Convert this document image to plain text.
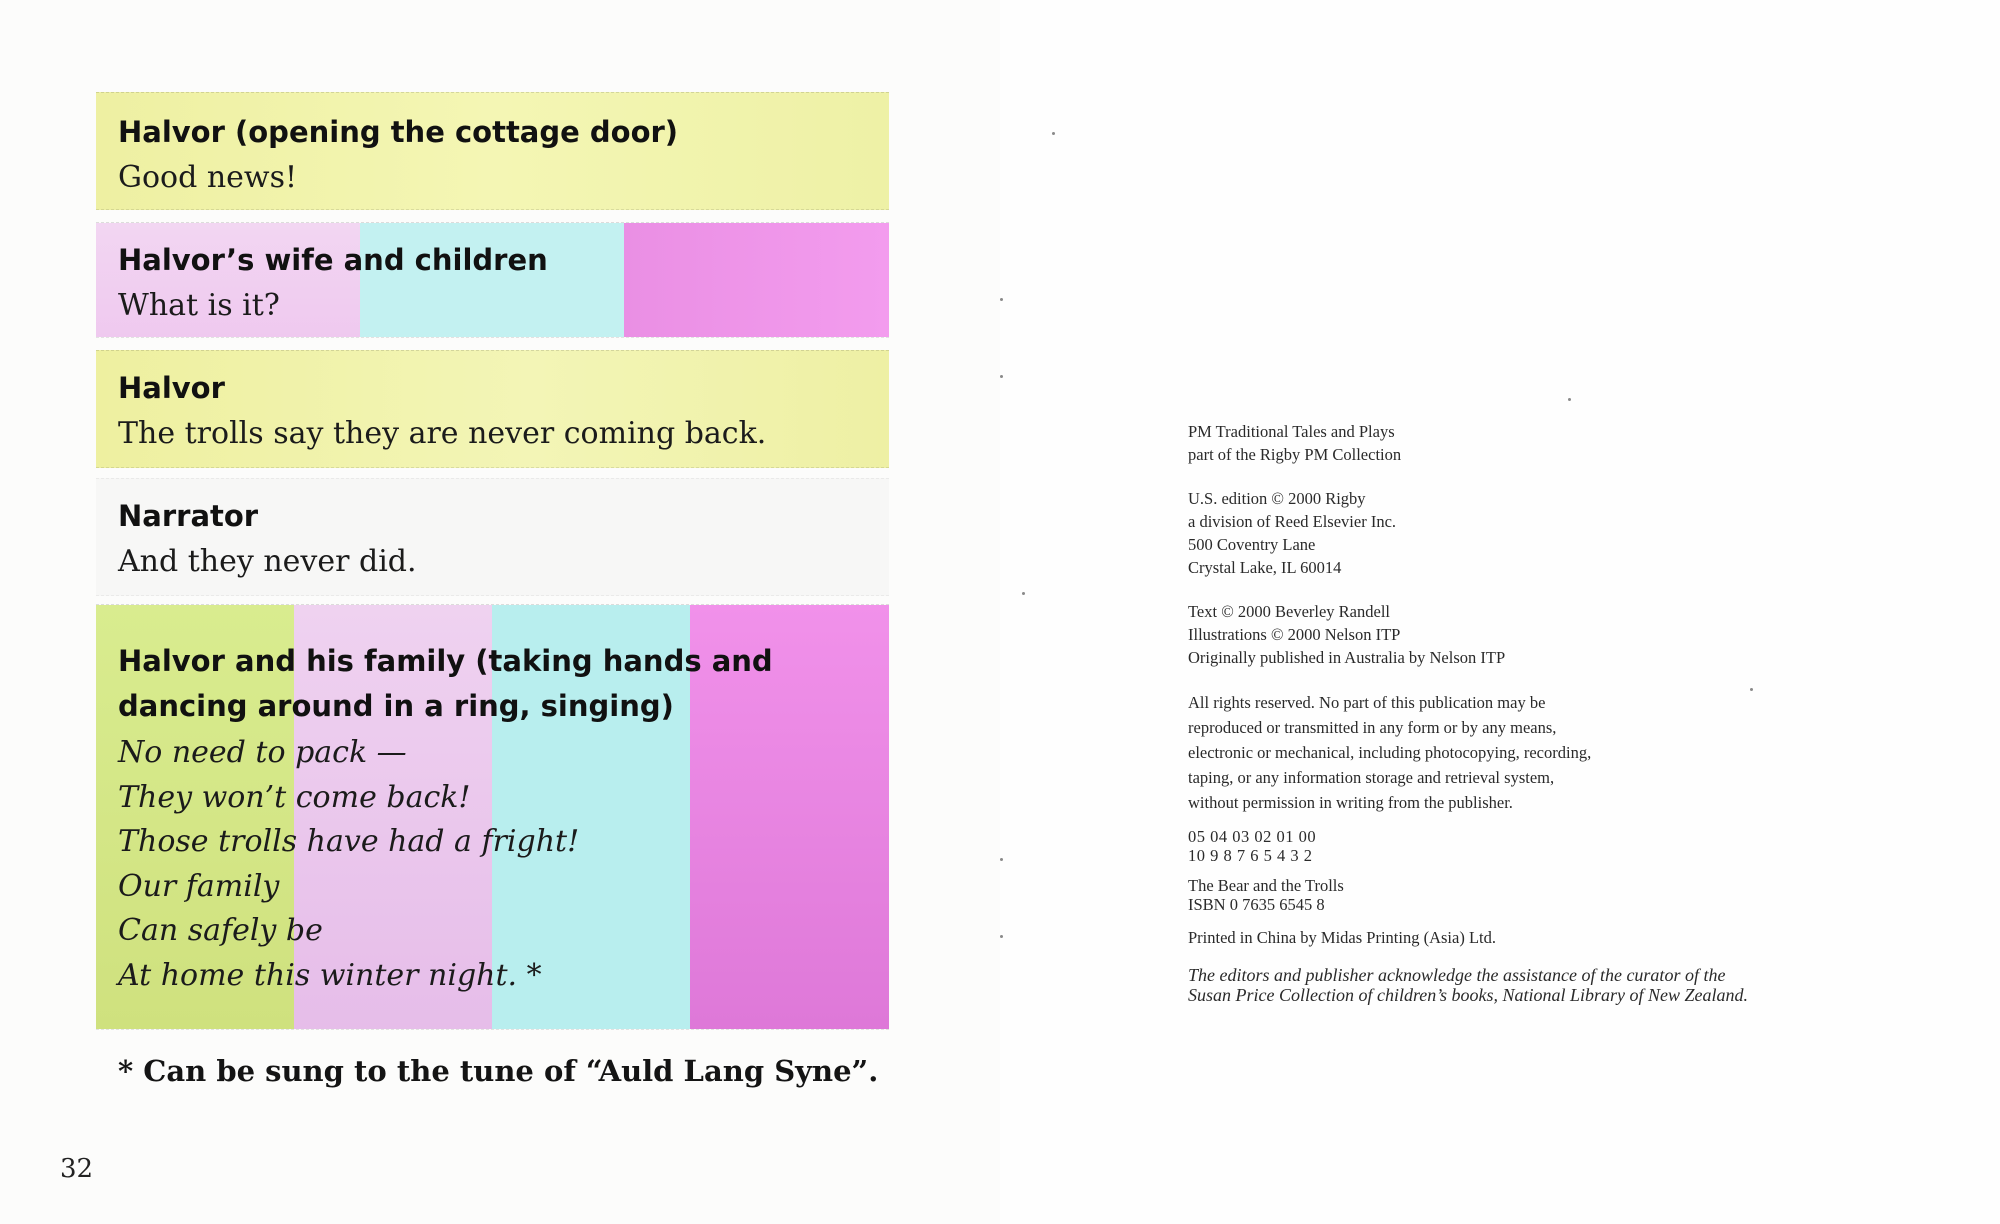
Halvor (opening the cottage door)
Good news!
Halvor’s wife and children
What is it?
Halvor
The trolls say they are never coming back.
Narrator
And they never did.
Halvor and his family (taking hands and
dancing around in a ring, singing)
No need to pack —
They won’t come back!
Those trolls have had a fright!
Our family
Can safely be
At home this winter night. *
* Can be sung to the tune of “Auld Lang Syne”.
32
PM Traditional Tales and Plays
part of the Rigby PM Collection
U.S. edition © 2000 Rigby
a division of Reed Elsevier Inc.
500 Coventry Lane
Crystal Lake, IL 60014
Text © 2000 Beverley Randell
Illustrations © 2000 Nelson ITP
Originally published in Australia by Nelson ITP
All rights reserved. No part of this publication may be
reproduced or transmitted in any form or by any means,
electronic or mechanical, including photocopying, recording,
taping, or any information storage and retrieval system,
without permission in writing from the publisher.
05 04 03 02 01 00
10 9 8 7 6 5 4 3 2
The Bear and the Trolls
ISBN 0 7635 6545 8
Printed in China by Midas Printing (Asia) Ltd.
The editors and publisher acknowledge the assistance of the curator of the
Susan Price Collection of children’s books, National Library of New Zealand.
